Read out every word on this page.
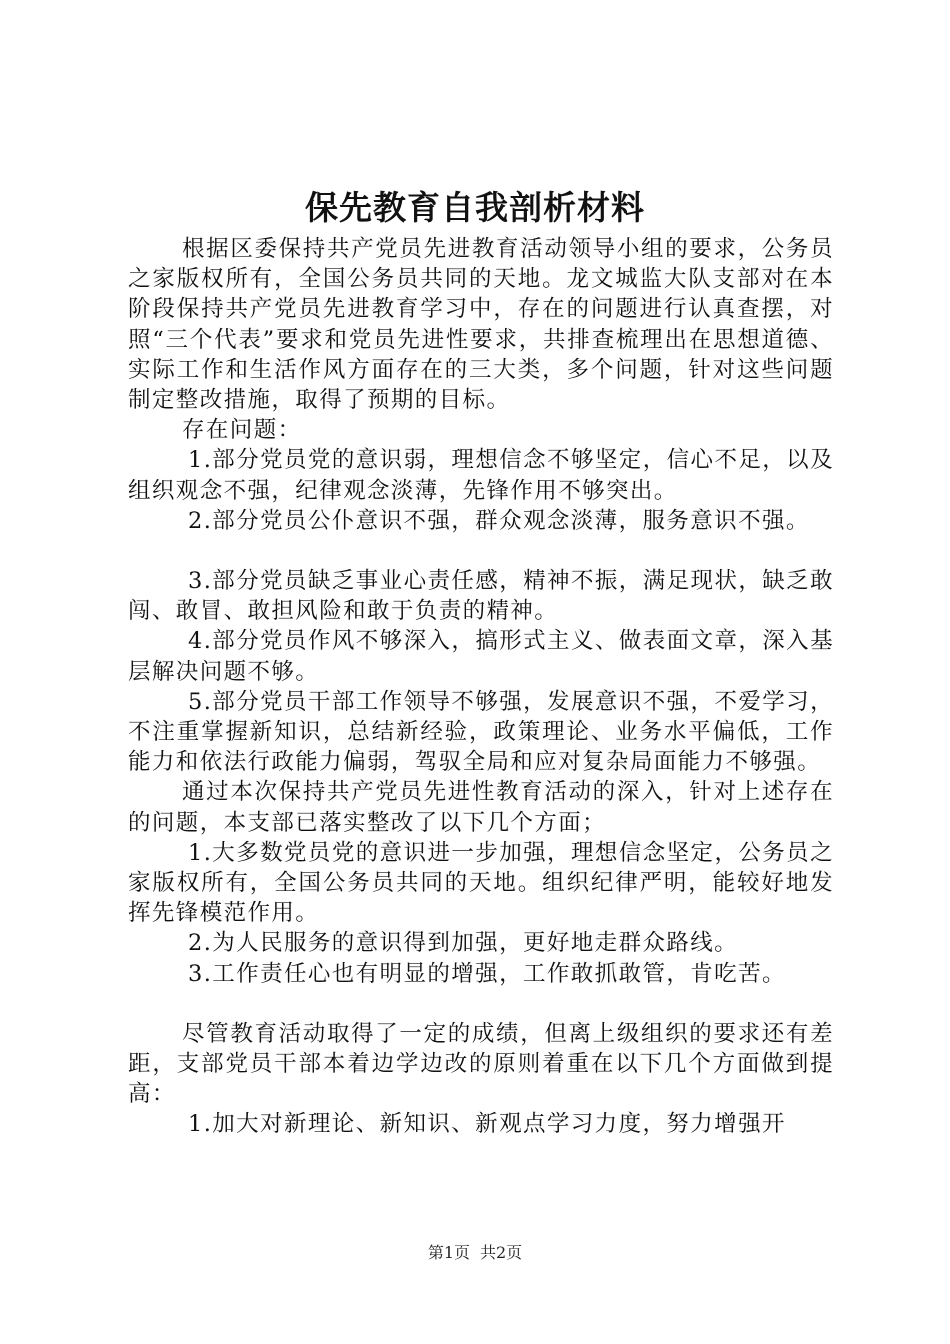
保先教育自我剖析材料

根据区委保持共产党员先进教育活动领导小组的要求，公务员之家版权所有，全国公务员共同的天地。龙文城监大队支部对在本阶段保持共产党员先进教育学习中，存在的问题进行认真查摆，对照“三个代表”要求和党员先进性要求，共排查梳理出在思想道德、实际工作和生活作风方面存在的三大类，多个问题，针对这些问题制定整改措施，取得了预期的目标。

存在问题：

1.部分党员党的意识弱，理想信念不够坚定，信心不足，以及组织观念不强，纪律观念淡薄，先锋作用不够突出。

2.部分党员公仆意识不强，群众观念淡薄，服务意识不强。

3.部分党员缺乏事业心责任感，精神不振，满足现状，缺乏敢闯、敢冒、敢担风险和敢于负责的精神。

4.部分党员作风不够深入，搞形式主义、做表面文章，深入基层解决问题不够。

5.部分党员干部工作领导不够强，发展意识不强，不爱学习，不注重掌握新知识，总结新经验，政策理论、业务水平偏低，工作能力和依法行政能力偏弱，驾驭全局和应对复杂局面能力不够强。

通过本次保持共产党员先进性教育活动的深入，针对上述存在的问题，本支部已落实整改了以下几个方面；

1.大多数党员党的意识进一步加强，理想信念坚定，公务员之家版权所有，全国公务员共同的天地。组织纪律严明，能较好地发挥先锋模范作用。

2.为人民服务的意识得到加强，更好地走群众路线。

3.工作责任心也有明显的增强，工作敢抓敢管，肯吃苦。

尽管教育活动取得了一定的成绩，但离上级组织的要求还有差距，支部党员干部本着边学边改的原则着重在以下几个方面做到提高：

1.加大对新理论、新知识、新观点学习力度，努力增强开

第1页 共2页
